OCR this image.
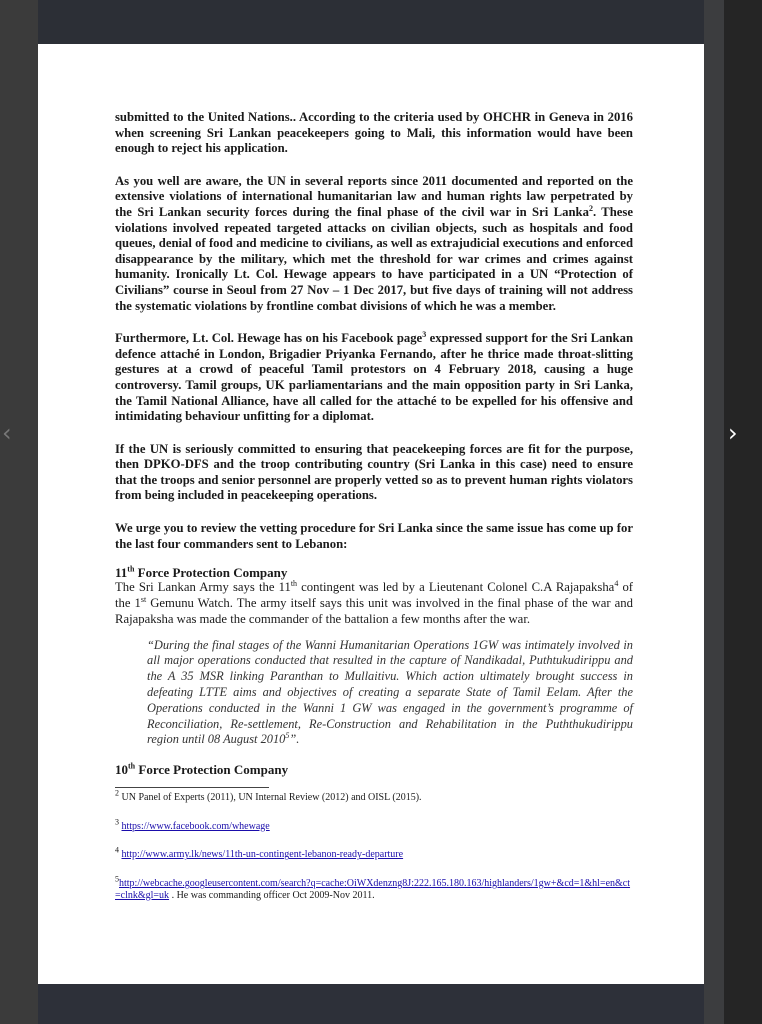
‹	›

submitted to the United Nations.. According to the criteria used by OHCHR in Geneva in 2016 when screening Sri Lankan peacekeepers going to Mali, this information would have been enough to reject his application.

As you well are aware, the UN in several reports since 2011 documented and reported on the extensive violations of international humanitarian law and human rights law perpetrated by the Sri Lankan security forces during the final phase of the civil war in Sri Lanka$^2$. These violations involved repeated targeted attacks on civilian objects, such as hospitals and food queues, denial of food and medicine to civilians, as well as extrajudicial executions and enforced disappearance by the military, which met the threshold for war crimes and crimes against humanity. Ironically Lt. Col. Hewage appears to have participated in a UN “Protection of Civilians” course in Seoul from 27 Nov – 1 Dec 2017, but five days of training will not address the systematic violations by frontline combat divisions of which he was a member.

Furthermore, Lt. Col. Hewage has on his Facebook page$^3$ expressed support for the Sri Lankan defence attaché in London, Brigadier Priyanka Fernando, after he thrice made throat-slitting gestures at a crowd of peaceful Tamil protestors on 4 February 2018, causing a huge controversy. Tamil groups, UK parliamentarians and the main opposition party in Sri Lanka, the Tamil National Alliance, have all called for the attaché to be expelled for his offensive and intimidating behaviour unfitting for a diplomat.

If the UN is seriously committed to ensuring that peacekeeping forces are fit for the purpose, then DPKO-DFS and the troop contributing country (Sri Lanka in this case) need to ensure that the troops and senior personnel are properly vetted so as to prevent human rights violators from being included in peacekeeping operations.

We urge you to review the vetting procedure for Sri Lanka since the same issue has come up for the last four commanders sent to Lebanon:

11th Force Protection Company
The Sri Lankan Army says the 11th contingent was led by a Lieutenant Colonel C.A Rajapaksha$^4$ of the 1st Gemunu Watch. The army itself says this unit was involved in the final phase of the war and Rajapaksha was made the commander of the battalion a few months after the war.
“During the final stages of the Wanni Humanitarian Operations 1GW was intimately involved in all major operations conducted that resulted in the capture of Nandikadal, Puthtukudirippu and the A 35 MSR linking Paranthan to Mullaitivu. Which action ultimately brought success in defeating LTTE aims and objectives of creating a separate State of Tamil Eelam. After the Operations conducted in the Wanni 1 GW was engaged in the government’s programme of Reconciliation, Re-settlement, Re-Construction and Rehabilitation in the Puththukudirippu region until 08 August 2010$^5$”.
10th Force Protection Company

$^2$ UN Panel of Experts (2011), UN Internal Review (2012) and OISL (2015).

$^3$ https://www.facebook.com/whewage

$^4$ http://www.army.lk/news/11th-un-contingent-lebanon-ready-departure

$^5$http://webcache.googleusercontent.com/search?q=cache:OiWXdenzng8J:222.165.180.163/highlanders/1gw+&cd=1&hl=en&ct=clnk&gl=uk . He was commanding officer Oct 2009-Nov 2011.
